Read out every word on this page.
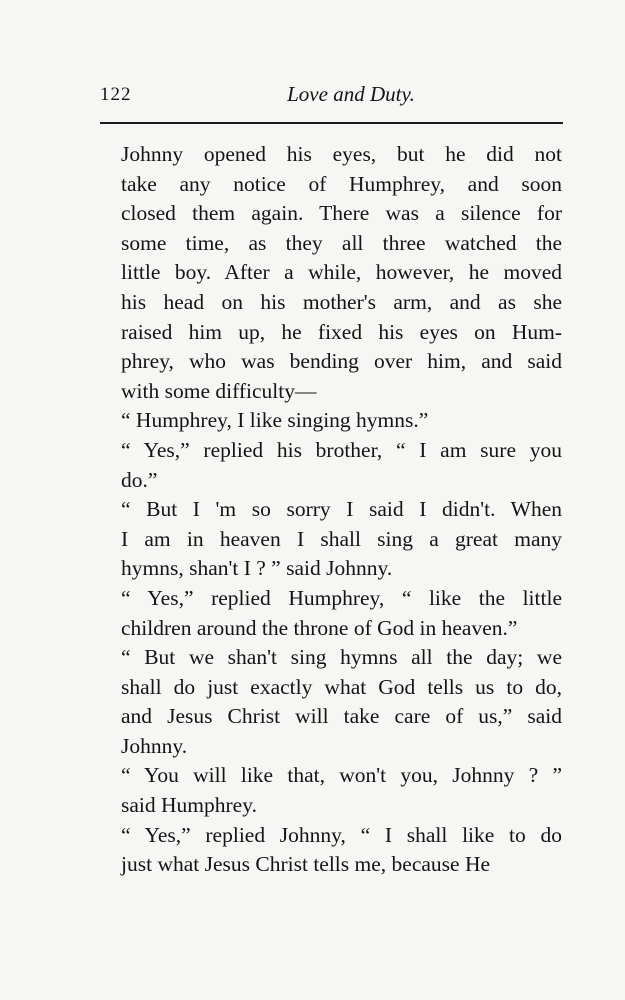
122	Love and Duty.
Johnny opened his eyes, but he did not
take any notice of Humphrey, and soon
closed them again. There was a silence for
some time, as they all three watched the
little boy. After a while, however, he moved
his head on his mother's arm, and as she
raised him up, he fixed his eyes on Hum-
phrey, who was bending over him, and said
with some difficulty—
“ Humphrey, I like singing hymns.”
“ Yes,” replied his brother, “ I am sure you
do.”
“ But I 'm so sorry I said I didn't. When
I am in heaven I shall sing a great many
hymns, shan't I ? ” said Johnny.
“ Yes,” replied Humphrey, “ like the little
children around the throne of God in heaven.”
“ But we shan't sing hymns all the day; we
shall do just exactly what God tells us to do,
and Jesus Christ will take care of us,” said
Johnny.
“ You will like that, won't you, Johnny ? ”
said Humphrey.
“ Yes,” replied Johnny, “ I shall like to do
just what Jesus Christ tells me, because He
